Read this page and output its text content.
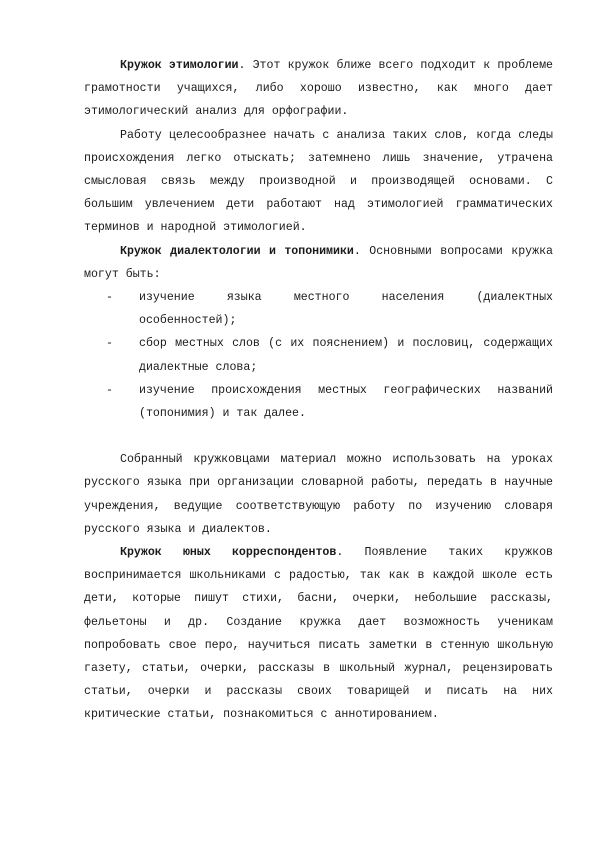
Кружок этимологии. Этот кружок ближе всего подходит к проблеме грамотности учащихся, либо хорошо известно, как много дает этимологический анализ для орфографии.

Работу целесообразнее начать с анализа таких слов, когда следы происхождения легко отыскать; затемнено лишь значение, утрачена смысловая связь между производной и производящей основами. С большим увлечением дети работают над этимологией грамматических терминов и народной этимологией.

Кружок диалектологии и топонимики. Основными вопросами кружка могут быть:

- изучение языка местного населения (диалектных особенностей);
- сбор местных слов (с их пояснением) и пословиц, содержащих диалектные слова;
- изучение происхождения местных географических названий (топонимия) и так далее.

Собранный кружковцами материал можно использовать на уроках русского языка при организации словарной работы, передать в научные учреждения, ведущие соответствующую работу по изучению словаря русского языка и диалектов.

Кружок юных корреспондентов. Появление таких кружков воспринимается школьниками с радостью, так как в каждой школе есть дети, которые пишут стихи, басни, очерки, небольшие рассказы, фельетоны и др. Создание кружка дает возможность ученикам попробовать свое перо, научиться писать заметки в стенную школьную газету, статьи, очерки, рассказы в школьный журнал, рецензировать статьи, очерки и рассказы своих товарищей и писать на них критические статьи, познакомиться с аннотированием.
